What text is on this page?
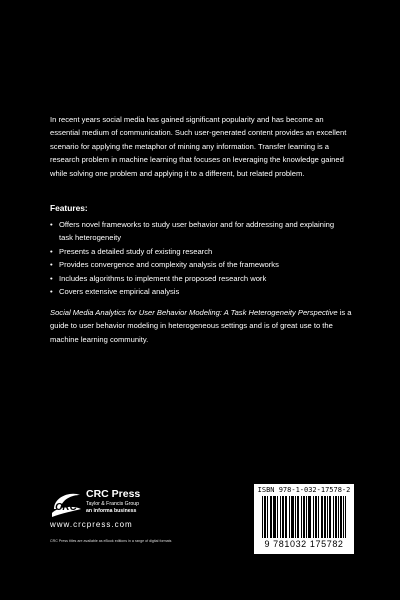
In recent years social media has gained significant popularity and has become an essential medium of communication. Such user-generated content provides an excellent scenario for applying the metaphor of mining any information. Transfer learning is a research problem in machine learning that focuses on leveraging the knowledge gained while solving one problem and applying it to a different, but related problem.

Features:

• Offers novel frameworks to study user behavior and for addressing and explaining task heterogeneity
• Presents a detailed study of existing research
• Provides convergence and complexity analysis of the frameworks
• Includes algorithms to implement the proposed research work
• Covers extensive empirical analysis

Social Media Analytics for User Behavior Modeling: A Task Heterogeneity Perspective is a guide to user behavior modeling in heterogeneous settings and is of great use to the machine learning community.

CRC

CRC Press

Taylor & Francis Group

an informa business

www.crcpress.com

CRC Press titles are available as eBook editions in a range of digital formats

ISBN 978-1-032-17578-2

9 781032 175782
